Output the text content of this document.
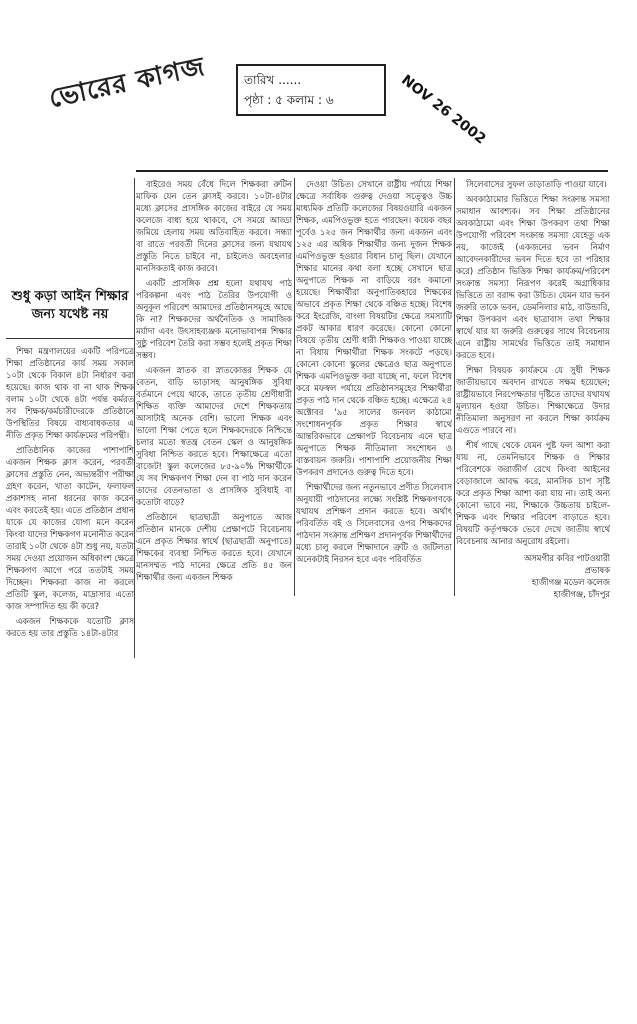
ভোরের কাগজ	তারিখ ......
পৃষ্ঠা : ৫ কলাম : ৬	NOV 26 2002
শুধু কড়া আইন শিক্ষার জন্য যথেষ্ট নয়

শিক্ষা মন্ত্রণালয়ের একটি পরিপত্রে শিক্ষা প্রতিষ্ঠানের কার্য সময় সকাল ১০টা থেকে বিকাল ৪টা নির্ধারণ করা হয়েছে। কাজ থাক বা না থাক শিক্ষক বলাম ১০টা থেকে ৪টা পর্যন্ত কর্মরত সব শিক্ষক/কর্মচারীদেরকে প্রতিষ্ঠানে উপস্থিতির বিষয়ে বাধ্যবাধকতার এ নীতি প্রকৃত শিক্ষা কার্যক্রমের পরিপন্থী।

প্রাতিষ্ঠানিক কাজের পাশাপাশি একজন শিক্ষক ক্লাস করেন, পরবর্তী ক্লাসের প্রস্তুতি নেন, অভ্যন্তরীণ পরীক্ষা গ্রহণ করেন, খাতা কাটেন, ফলাফল প্রকাশসহ নানা ধরনের কাজ করেন এবং করতেই হয়। এতে প্রতিষ্ঠান প্রধান যাকে যে কাজের যোগ্য মনে করেন কিংবা যাদের শিক্ষকগণ মনোনীত করেন তারাই ১০টা থেকে ৪টা শুধু নয়, যতটা সময় দেওয়া প্রয়োজন অধিকাংশ ক্ষেত্রে শিক্ষকগণ আগে পরে ততটাই সময় দিচ্ছেন। শিক্ষকরা কাজ না করলে প্রতিটি স্কুল, কলেজ, মাদ্রাসার এতো কাজ সম্পাদিত হয় কী করে?

একজন শিক্ষককে যতোটি ক্লাস করতে হয় তার প্রস্তুতি ১৪টা-৪টার

বাইরেও সময় বেঁধে দিলে শিক্ষকরা রুটিন মাফিক যেন তেন ক্লাসই করবে। ১০টা-৪টার মধ্যে ক্লাসের প্রাসঙ্গিক কাজের বাইরে যে সময় কলেজে বাধ্য হয়ে থাকবে, সে সময়ে আড্ডা জমিয়ে হেলায় সময় অতিবাহিত করবে। সন্ধ্যা বা রাতে পরবর্তী দিনের ক্লাসের জন্য যথাযথ প্রস্তুতি নিতে চাইবে না, চাইলেও অবহেলার মানসিকতাই কাজ করবে।

একটি প্রাসঙ্গিক প্রশ্ন হলো যথাযথ পাঠ পরিকল্পনা এবং পাঠ তৈরির উপযোগী ও অনুকূল পরিবেশ আমাদের প্রতিষ্ঠানসমূহে আছে কি না? শিক্ষকদের অর্থনৈতিক ও সামাজিক মর্যাদা এবং উৎসাহব্যঞ্জক মনোভাবাপন্ন শিক্ষার সুষ্ঠু পরিবেশ তৈরি করা সম্ভব হলেই প্রকৃত শিক্ষা সম্ভব।

একজন স্নাতক বা স্নাতকোত্তর শিক্ষক যে বেতন, বাড়ি ভাড়াসহ আনুষঙ্গিক সুবিধা বর্তমানে পেয়ে থাকে, তাতে তৃতীয় শ্রেণীধারী শিক্ষিত ব্যক্তি আমাদের দেশে শিক্ষকতায় আসাটাই অনেক বেশি। ভালো শিক্ষক এবং ভালো শিক্ষা পেতে হলে শিক্ষকদেরকে নিশ্চিন্তে চলার মতো স্বতন্ত্র বেতন স্কেল ও আনুষঙ্গিক সুবিধা নিশ্চিত করতে হবে। শিক্ষাক্ষেত্রে এতো বাজেট! স্কুল কলেজের ৮৫-৯০% শিক্ষার্থীকে যে সব শিক্ষকগণ শিক্ষা দেন বা পাঠ দান করেন তাদের বেতনভাতা ও প্রাসঙ্গিক সুবিধাই বা কতোটা বাড়ে?

প্রতিষ্ঠানে ছাত্রছাত্রী অনুপাতে আজ প্রতিষ্ঠান মানকে দেশীয় প্রেক্ষাপটে বিবেচনায় এনে প্রকৃত শিক্ষার স্বার্থে (ছাত্রছাত্রী অনুপাতে) শিক্ষকের ব্যবস্থা নিশ্চিত করতে হবে। যেখানে মানসম্মত পাঠ দানের ক্ষেত্রে প্রতি ৪৫ জন শিক্ষার্থীর জন্য একজন শিক্ষক

দেওয়া উচিত। সেখানে রাষ্ট্রীয় পর্যায়ে শিক্ষা ক্ষেত্রে সর্বাধিক গুরুত্ব দেওয়া সত্ত্বেও উচ্চ মাধ্যমিক প্রতিটি কলেজের বিষয়ওয়ারি একজন শিক্ষক, এমপিওভুক্ত হতে পারছেন। কয়েক বছর পূর্বেও ১২৫ জন শিক্ষার্থীর জন্য একজন এবং ১২৫ এর অধিক শিক্ষার্থীর জন্য দুজন শিক্ষক এমপিওভুক্ত হওয়ার বিধান চালু ছিল। যেখানে শিক্ষার মানের কথা বলা হচ্ছে সেখানে ছাত্র অনুপাতে শিক্ষক না বাড়িয়ে বরং কমানো হয়েছে। শিক্ষার্থীরা অনুপাতিকহারে শিক্ষকের অভাবে প্রকৃত শিক্ষা থেকে বঞ্চিত হচ্ছে। বিশেষ করে ইংরেজি, বাংলা বিষয়টির ক্ষেত্রে সমস্যাটি প্রকট আকার ধারণ করেছে। কোনো কোনো বিষয়ে তৃতীয় শ্রেণী ধারী শিক্ষকও পাওয়া যাচ্ছে না বিধায় শিক্ষার্থীরা শিক্ষক সংকটে পড়ছে। কোনো কোনো স্কুলের ক্ষেত্রেও ছাত্র অনুপাতে শিক্ষক এমপিওভুক্ত করা যাচ্ছে না, ফলে বিশেষ করে মফস্বল পর্যায়ে প্রতিষ্ঠানসমূহের শিক্ষার্থীরা প্রকৃত পাঠ দান থেকে বঞ্চিত হচ্ছে। এক্ষেত্রে ২৪ অক্টোবর '৯৫ সালের জনবল কাঠামো সংশোধনপূর্বক প্রকৃত শিক্ষার স্বার্থে আন্তরিকভাবে প্রেক্ষাপট বিবেচনায় এনে ছাত্র অনুপাতে শিক্ষক নীতিমালা সংশোধন ও বাস্তবায়ন জরুরি। পাশাপাশি প্রয়োজনীয় শিক্ষা উপকরণ প্রদানেও গুরুত্ব দিতে হবে।

শিক্ষার্থীদের জন্য নতুনভাবে প্রণীত সিলেবাস অনুযায়ী পাঠদানের লক্ষ্যে সংশ্লিষ্ট শিক্ষকগণকে যথাযথ প্রশিক্ষণ প্রদান করতে হবে। অর্থাৎ পরিবর্তিত বই ও সিলেবাসের ওপর শিক্ষকদের পাঠদান সংক্রান্ত প্রশিক্ষণ প্রদানপূর্বক শিক্ষার্থীদের মধ্যে চালু করলে শিক্ষাদানে ত্রুটি ও জটিলতা অনেকটাই নিরসন হবে এবং পরিবর্তিত

সিলেবাসের সুফল তাড়াতাড়ি পাওয়া যাবে।

অবকাঠামোর ভিত্তিতে শিক্ষা সংক্রান্ত সমস্যা সমাধান আবশ্যক। সব শিক্ষা প্রতিষ্ঠানের অবকাঠামো এবং শিক্ষা উপকরণ তথা শিক্ষা উপযোগী পরিবেশ সংক্রান্ত সমস্যা যেহেতু এক নয়, কাজেই (একজনের ভবন নির্মাণ আবেদনকারীদের ভবন দিতে হবে তা পরিহার করে) প্রতিষ্ঠান ভিত্তিক শিক্ষা কার্যক্রম/পরিবেশ সংক্রান্ত সমস্যা নিরূপণ করেই অগ্রাধিকার ভিত্তিতে তা বরাদ্দ করা উচিত। যেমন যার ভবন জরুরি তাকে ভবন, ডেমনিলার মাঠ, বাউন্ডারি, শিক্ষা উপকরণ এবং ছাত্রাবাস তথা শিক্ষার স্বার্থে যার যা জরুরি গুরুত্বের সাথে বিবেচনায় এনে রাষ্ট্রীয় সামর্থের ভিত্তিতে তাই সমাধান করতে হবে।

শিক্ষা বিষয়ক কার্যক্রমে যে সুধী শিক্ষক জাতীয়ভাবে অবদান রাখতে সক্ষম হয়েছেন; রাষ্ট্রীয়ভাবে নিরপেক্ষতার দৃষ্টিতে তাদের যথাযথ মূল্যায়ন হওয়া উচিত। শিক্ষাক্ষেত্রে উদার নীতিমালা অনুসরণ না করলে শিক্ষা কার্যক্রম এগুতে পারবে না।

শীর্ষ গাছে থেকে যেমন পুষ্ট ফল আশা করা যায় না, তেমনিভাবে শিক্ষক ও শিক্ষার পরিবেশকে জরাজীর্ণ রেখে কিংবা আইনের বেড়াজালে আবদ্ধ করে, মানসিক চাপ সৃষ্টি করে প্রকৃত শিক্ষা আশা করা যায় না। তাই অন্য কোনো ভাবে নয়, শিক্ষাকে উচ্চতায় চাইলে- শিক্ষক এবং শিক্ষার পরিবেশ বাড়াতে হবে। বিষয়টি কর্তৃপক্ষকে ভেবে দেখে জাতীয় স্বার্থে বিবেচনায় আনার অনুরোধ রইলো।

অসমগীর কবির পাটওয়ারী
প্রভাষক
হাজীগঞ্জ মডেল কলেজ
হাজীগঞ্জ, চাঁদপুর
